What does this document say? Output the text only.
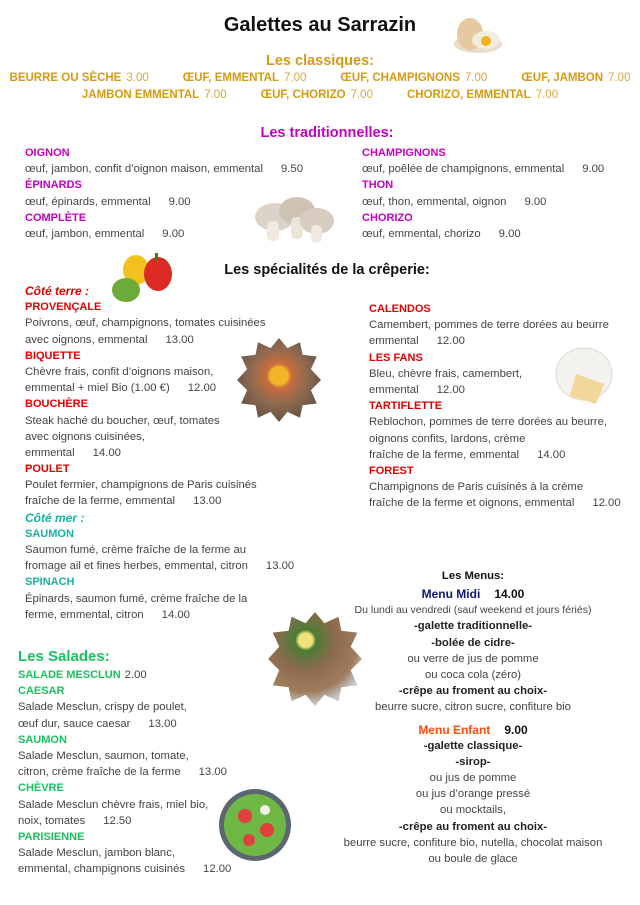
Galettes au Sarrazin
Les classiques:
BEURRE OU SÈCHE 3.00	ŒUF, EMMENTAL 7.00	ŒUF, CHAMPIGNONS 7.00	ŒUF, JAMBON 7.00
JAMBON EMMENTAL 7.00	ŒUF, CHORIZO 7.00	CHORIZO, EMMENTAL 7.00
Les traditionnelles:
OIGNON
œuf, jambon, confit d’oignon maison, emmental 9.50
ÉPINARDS
œuf, épinards, emmental 9.00
COMPLÈTE
œuf, jambon, emmental 9.00
CHAMPIGNONS
œuf, poêlée de champignons, emmental 9.00
THON
œuf, thon, emmental, oignon 9.00
CHORIZO
œuf, emmental, chorizo 9.00
Les spécialités de la crêperie:
Côté terre :
PROVENÇALE
Poivrons, œuf, champignons, tomates cuisinées
avec oignons, emmental 13.00
BIQUETTE
Chèvre frais, confit d’oignons maison,
emmental + miel Bio (1.00 €) 12.00
BOUCHÈRE
Steak haché du boucher, œuf, tomates
avec oignons cuisinées,
emmental 14.00
POULET
Poulet fermier, champignons de Paris cuisinés
fraîche de la ferme, emmental 13.00
Côté mer :
SAUMON
Saumon fumé, crème fraîche de la ferme au
fromage ail et fines herbes, emmental, citron 13.00
SPINACH
Épinards, saumon fumé, crème fraîche de la
ferme, emmental, citron 14.00
CALENDOS
Camembert, pommes de terre dorées au beurre
emmental 12.00
LES FANS
Bleu, chèvre frais, camembert,
emmental 12.00
TARTIFLETTE
Reblochon, pommes de terre dorées au beurre,
oignons confits, lardons, crème
fraîche de la ferme, emmental 14.00
FOREST
Champignons de Paris cuisinés à la crème
fraîche de la ferme et oignons, emmental 12.00
Les Salades:
SALADE MESCLUN 2.00
CAESAR
Salade Mesclun, crispy de poulet,
œuf dur, sauce caesar 13.00
SAUMON
Salade Mesclun, saumon, tomate,
citron, crème fraîche de la ferme 13.00
CHÈVRE
Salade Mesclun chèvre frais, miel bio,
noix, tomates 12.50
PARISIENNE
Salade Mesclun, jambon blanc,
emmental, champignons cuisinés 12.00
Les Menus:
Menu Midi 14.00
Du lundi au vendredi (sauf weekend et jours fériés)
-galette traditionnelle-
-bolée de cidre-
ou verre de jus de pomme
ou coca cola (zéro)
-crêpe au froment au choix-
beurre sucre, citron sucre, confiture bio
Menu Enfant 9.00
-galette classique-
-sirop-
ou jus de pomme
ou jus d’orange pressé
ou mocktails,
-crêpe au froment au choix-
beurre sucre, confiture bio, nutella, chocolat maison
ou boule de glace
